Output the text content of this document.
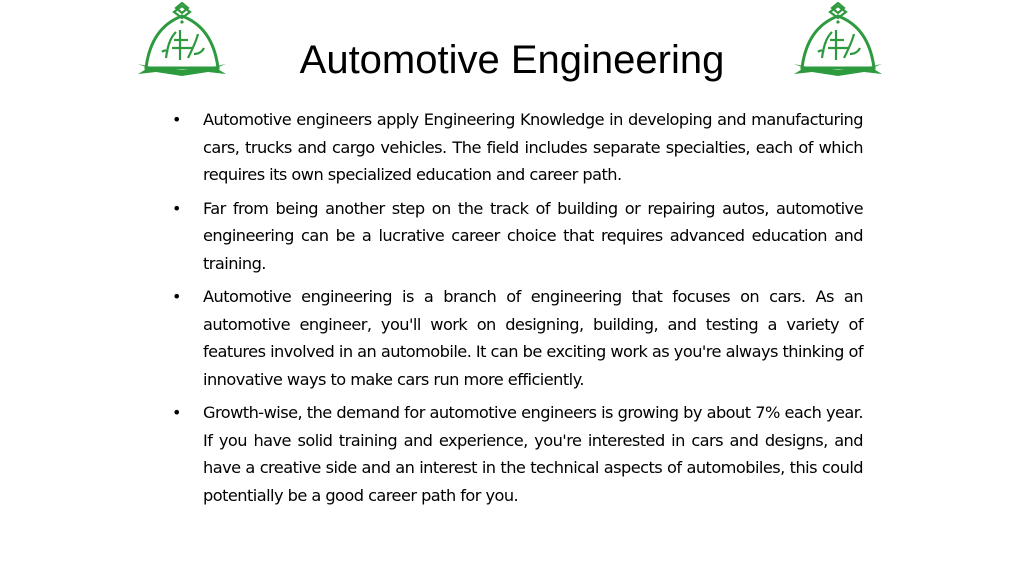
Automotive Engineering
• Automotive engineers apply Engineering Knowledge in developing and manufacturing cars, trucks and cargo vehicles. The field includes separate specialties, each of which requires its own specialized education and career path.
• Far from being another step on the track of building or repairing autos, automotive engineering can be a lucrative career choice that requires advanced education and training.
• Automotive engineering is a branch of engineering that focuses on cars. As an automotive engineer, you'll work on designing, building, and testing a variety of features involved in an automobile. It can be exciting work as you're always thinking of innovative ways to make cars run more efficiently.
• Growth-wise, the demand for automotive engineers is growing by about 7% each year. If you have solid training and experience, you're interested in cars and designs, and have a creative side and an interest in the technical aspects of automobiles, this could potentially be a good career path for you.
